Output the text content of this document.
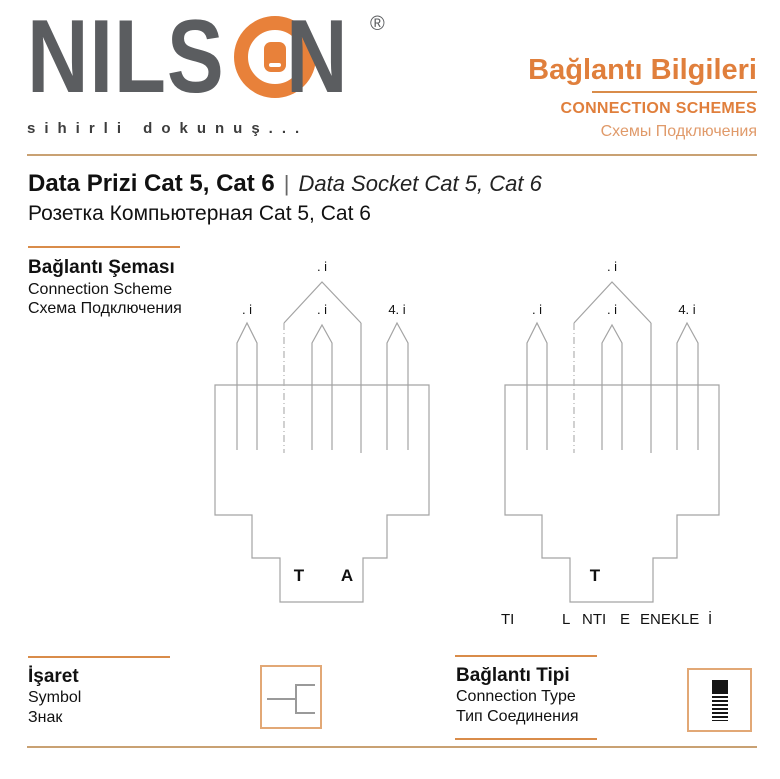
NILS N ®
sihirli dokunuş...
Bağlantı Bilgileri
CONNECTION SCHEMES
Схемы Подключения
Data Prizi Cat 5, Cat 6 | Data Socket Cat 5, Cat 6
Розетка Компьютерная Cat 5, Cat 6
Bağlantı Şeması
Connection Scheme
Схема Подключения
. i
. i	. i	4. i
T	A
. i
. i	. i	4. i
T
TI	L NTI E ENEKLE İ
İşaret
Symbol
Знак
Bağlantı Tipi
Connection Type
Тип Соединения
